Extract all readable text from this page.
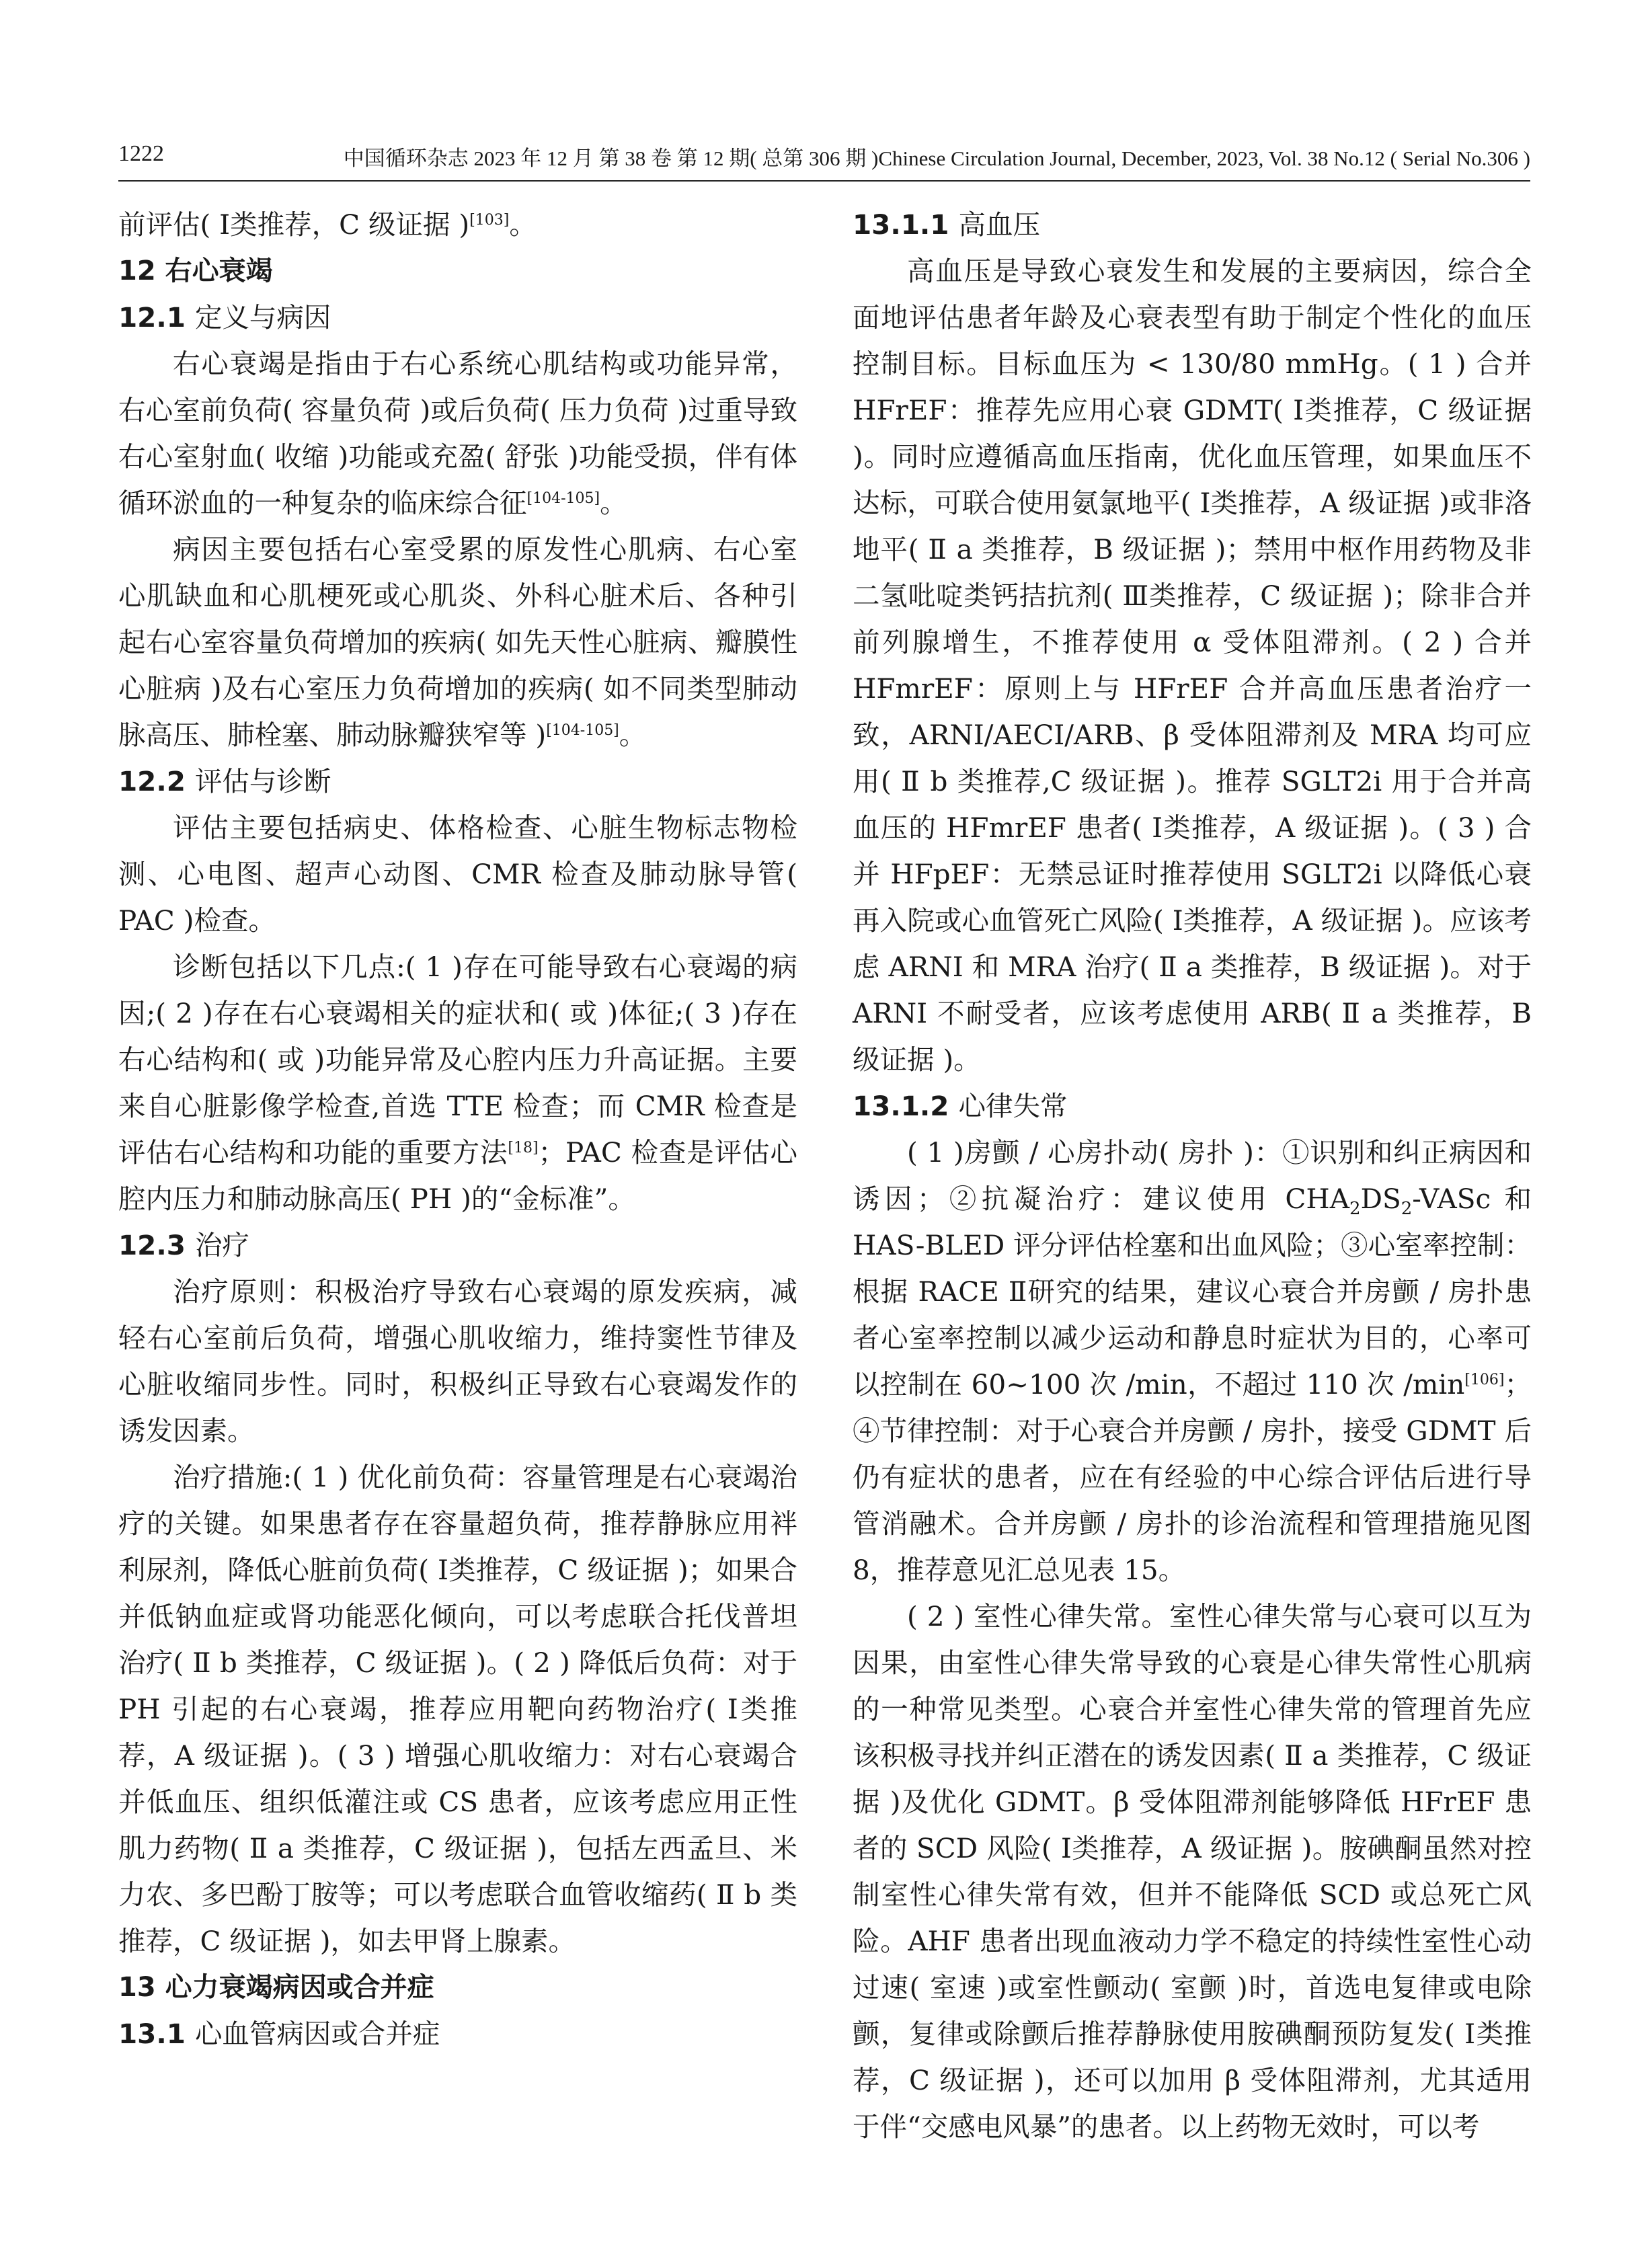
1222	中国循环杂志 2023 年 12 月 第 38 卷 第 12 期( 总第 306 期 )Chinese Circulation Journal, December, 2023, Vol. 38 No.12 ( Serial No.306 )

前评估( Ⅰ类推荐，C 级证据 )[103]。

12 右心衰竭

12.1 定义与病因

右心衰竭是指由于右心系统心肌结构或功能异常，右心室前负荷( 容量负荷 )或后负荷( 压力负荷 )过重导致右心室射血( 收缩 )功能或充盈( 舒张 )功能受损，伴有体循环淤血的一种复杂的临床综合征[104-105]。

病因主要包括右心室受累的原发性心肌病、右心室心肌缺血和心肌梗死或心肌炎、外科心脏术后、各种引起右心室容量负荷增加的疾病( 如先天性心脏病、瓣膜性心脏病 )及右心室压力负荷增加的疾病( 如不同类型肺动脉高压、肺栓塞、肺动脉瓣狭窄等 )[104-105]。

12.2 评估与诊断

评估主要包括病史、体格检查、心脏生物标志物检测、心电图、超声心动图、CMR 检查及肺动脉导管( PAC )检查。

诊断包括以下几点:( 1 )存在可能导致右心衰竭的病因;( 2 )存在右心衰竭相关的症状和( 或 )体征;( 3 )存在右心结构和( 或 )功能异常及心腔内压力升高证据。主要来自心脏影像学检查,首选 TTE 检查；而 CMR 检查是评估右心结构和功能的重要方法[18]；PAC 检查是评估心腔内压力和肺动脉高压( PH )的“金标准”。

12.3 治疗

治疗原则：积极治疗导致右心衰竭的原发疾病，减轻右心室前后负荷，增强心肌收缩力，维持窦性节律及心脏收缩同步性。同时，积极纠正导致右心衰竭发作的诱发因素。

治疗措施:( 1 ) 优化前负荷：容量管理是右心衰竭治疗的关键。如果患者存在容量超负荷，推荐静脉应用袢利尿剂，降低心脏前负荷( Ⅰ类推荐，C 级证据 )；如果合并低钠血症或肾功能恶化倾向，可以考虑联合托伐普坦治疗( Ⅱ b 类推荐，C 级证据 )。( 2 ) 降低后负荷：对于 PH 引起的右心衰竭，推荐应用靶向药物治疗( Ⅰ类推荐，A 级证据 )。( 3 ) 增强心肌收缩力：对右心衰竭合并低血压、组织低灌注或 CS 患者，应该考虑应用正性肌力药物( Ⅱ a 类推荐，C 级证据 )，包括左西孟旦、米力农、多巴酚丁胺等；可以考虑联合血管收缩药( Ⅱ b 类推荐，C 级证据 )，如去甲肾上腺素。

13 心力衰竭病因或合并症

13.1 心血管病因或合并症

13.1.1 高血压

高血压是导致心衰发生和发展的主要病因，综合全面地评估患者年龄及心衰表型有助于制定个性化的血压控制目标。目标血压为 < 130/80 mmHg。( 1 ) 合并 HFrEF：推荐先应用心衰 GDMT( Ⅰ类推荐，C 级证据 )。同时应遵循高血压指南，优化血压管理，如果血压不达标，可联合使用氨氯地平( Ⅰ类推荐，A 级证据 )或非洛地平( Ⅱ a 类推荐，B 级证据 )；禁用中枢作用药物及非二氢吡啶类钙拮抗剂( Ⅲ类推荐，C 级证据 )；除非合并前列腺增生，不推荐使用 α 受体阻滞剂。( 2 ) 合并 HFmrEF：原则上与 HFrEF 合并高血压患者治疗一致，ARNI/AECI/ARB、β 受体阻滞剂及 MRA 均可应用( Ⅱ b 类推荐,C 级证据 )。推荐 SGLT2i 用于合并高血压的 HFmrEF 患者( Ⅰ类推荐，A 级证据 )。( 3 ) 合并 HFpEF：无禁忌证时推荐使用 SGLT2i 以降低心衰再入院或心血管死亡风险( Ⅰ类推荐，A 级证据 )。应该考虑 ARNI 和 MRA 治疗( Ⅱ a 类推荐，B 级证据 )。对于 ARNI 不耐受者，应该考虑使用 ARB( Ⅱ a 类推荐，B 级证据 )。

13.1.2 心律失常

( 1 )房颤 / 心房扑动( 房扑 )：①识别和纠正病因和诱因；②抗凝治疗：建议使用 $CHA_2DS_2$-VASc 和 HAS-BLED 评分评估栓塞和出血风险；③心室率控制：根据 RACE Ⅱ研究的结果，建议心衰合并房颤 / 房扑患者心室率控制以减少运动和静息时症状为目的，心率可以控制在 60~100 次 /min，不超过 110 次 /min[106]；④节律控制：对于心衰合并房颤 / 房扑，接受 GDMT 后仍有症状的患者，应在有经验的中心综合评估后进行导管消融术。合并房颤 / 房扑的诊治流程和管理措施见图 8，推荐意见汇总见表 15。

( 2 ) 室性心律失常。室性心律失常与心衰可以互为因果，由室性心律失常导致的心衰是心律失常性心肌病的一种常见类型。心衰合并室性心律失常的管理首先应该积极寻找并纠正潜在的诱发因素( Ⅱ a 类推荐，C 级证据 )及优化 GDMT。β 受体阻滞剂能够降低 HFrEF 患者的 SCD 风险( Ⅰ类推荐，A 级证据 )。胺碘酮虽然对控制室性心律失常有效，但并不能降低 SCD 或总死亡风险。AHF 患者出现血液动力学不稳定的持续性室性心动过速( 室速 )或室性颤动( 室颤 )时，首选电复律或电除颤，复律或除颤后推荐静脉使用胺碘酮预防复发( Ⅰ类推荐，C 级证据 )，还可以加用 β 受体阻滞剂，尤其适用于伴“交感电风暴”的患者。以上药物无效时，可以考
